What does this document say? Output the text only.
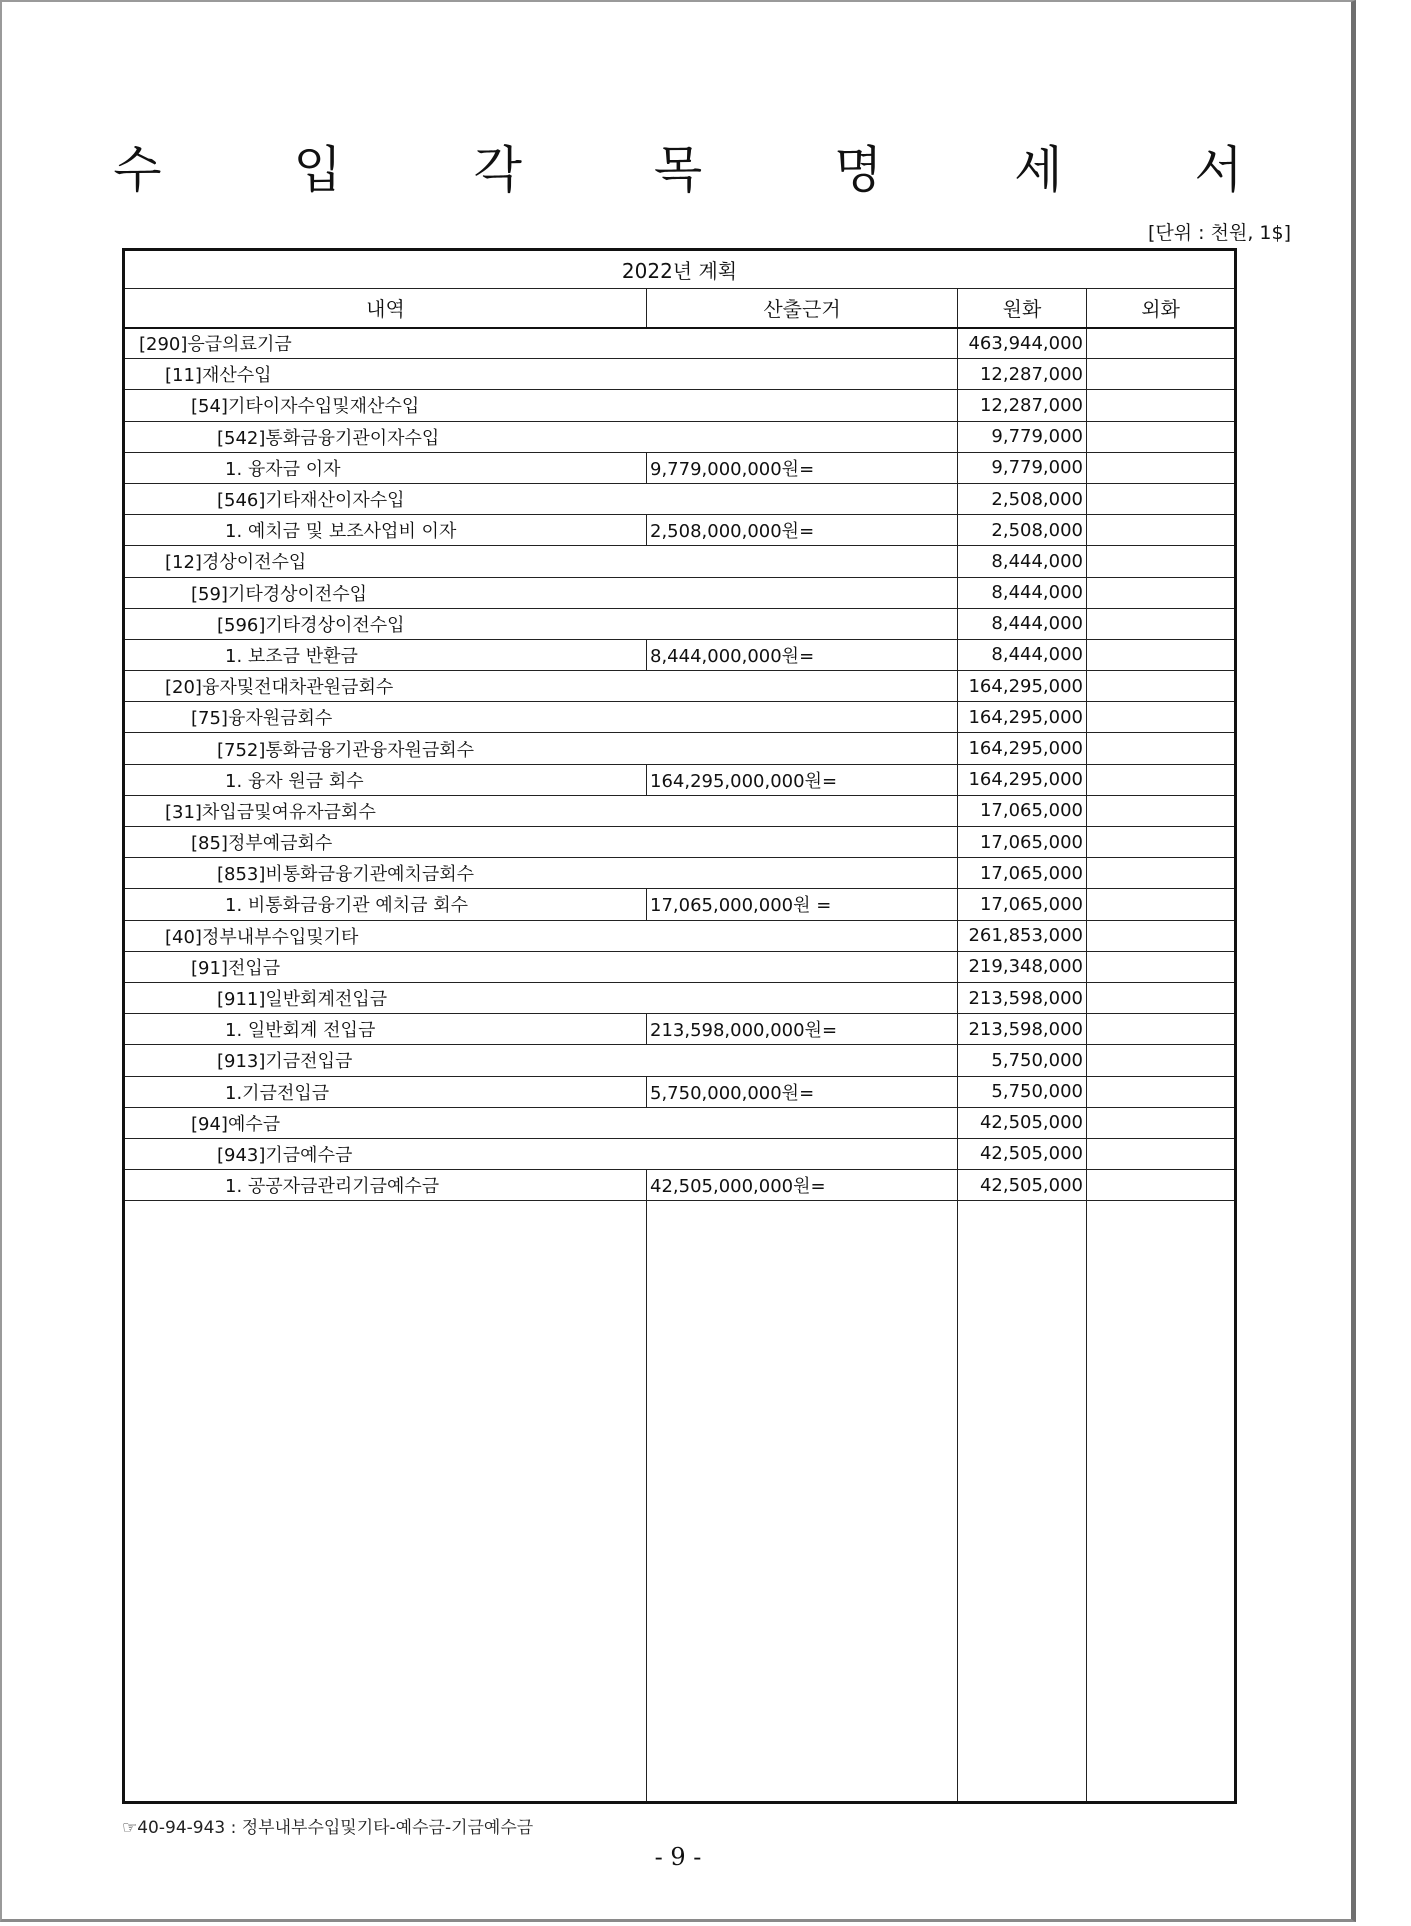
수 입 각 목 명 세 서
[단위 : 천원, 1$]
2022년 계획			
내역	산출근거	원화	외화
[290]응급의료기금		463,944,000	
[11]재산수입		12,287,000	
[54]기타이자수입및재산수입		12,287,000	
[542]통화금융기관이자수입		9,779,000	
1. 융자금 이자	9,779,000,000원=	9,779,000	
[546]기타재산이자수입		2,508,000	
1. 예치금 및 보조사업비 이자	2,508,000,000원=	2,508,000	
[12]경상이전수입		8,444,000	
[59]기타경상이전수입		8,444,000	
[596]기타경상이전수입		8,444,000	
1. 보조금 반환금	8,444,000,000원=	8,444,000	
[20]융자및전대차관원금회수		164,295,000	
[75]융자원금회수		164,295,000	
[752]통화금융기관융자원금회수		164,295,000	
1. 융자 원금 회수	164,295,000,000원=	164,295,000	
[31]차입금및여유자금회수		17,065,000	
[85]정부예금회수		17,065,000	
[853]비통화금융기관예치금회수		17,065,000	
1. 비통화금융기관 예치금 회수	17,065,000,000원 =	17,065,000	
[40]정부내부수입및기타		261,853,000	
[91]전입금		219,348,000	
[911]일반회계전입금		213,598,000	
1. 일반회계 전입금	213,598,000,000원=	213,598,000	
[913]기금전입금		5,750,000	
1.기금전입금	5,750,000,000원=	5,750,000	
[94]예수금		42,505,000	
[943]기금예수금		42,505,000	
1. 공공자금관리기금예수금	42,505,000,000원=	42,505,000	

☞40-94-943 : 정부내부수입및기타-예수금-기금예수금
- 9 -
